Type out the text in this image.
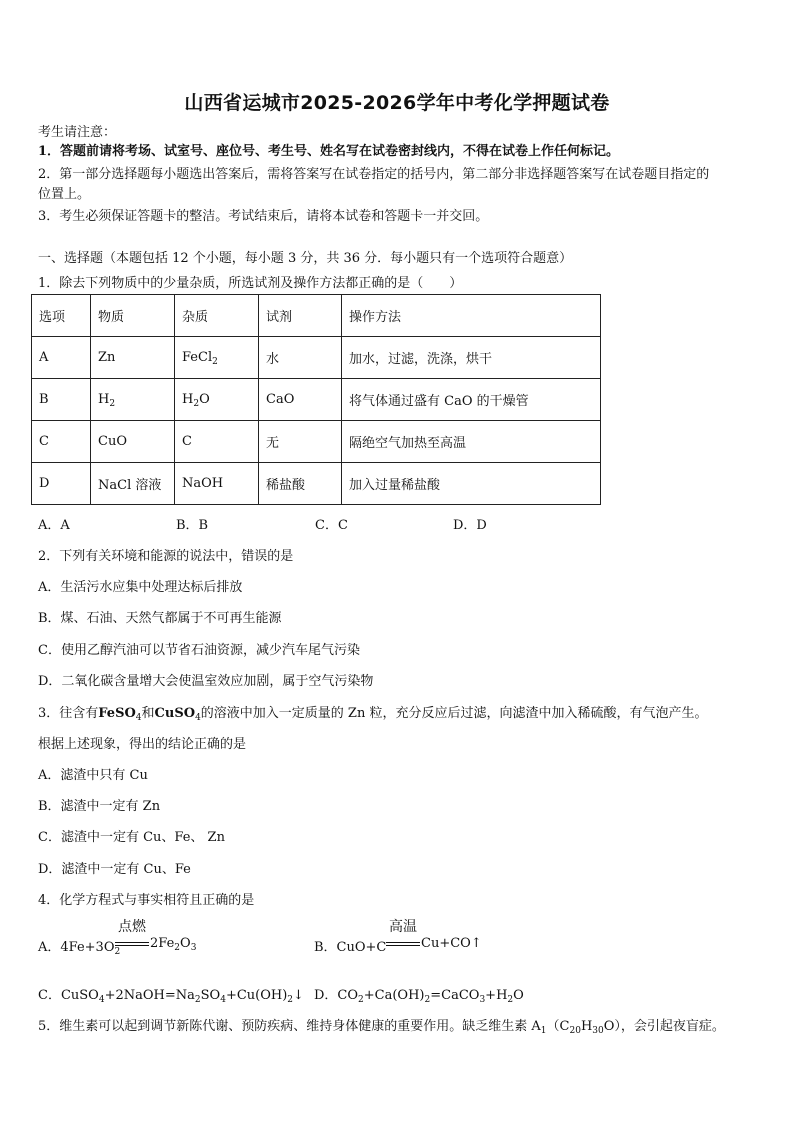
山西省运城市2025-2026学年中考化学押题试卷
考生请注意：
1．答题前请将考场、试室号、座位号、考生号、姓名写在试卷密封线内，不得在试卷上作任何标记。
2．第一部分选择题每小题选出答案后，需将答案写在试卷指定的括号内，第二部分非选择题答案写在试卷题目指定的
位置上。
3．考生必须保证答题卡的整洁。考试结束后，请将本试卷和答题卡一并交回。
一、选择题（本题包括 12 个小题，每小题 3 分，共 36 分．每小题只有一个选项符合题意）
1．除去下列物质中的少量杂质，所选试剂及操作方法都正确的是（　　）
选项	物质	杂质	试剂	操作方法
A	Zn	FeCl$_2$	水	加水，过滤，洗涤，烘干
B	$H_2$	$H_2O$	CaO	将气体通过盛有 CaO 的干燥管
C	CuO	C	无	隔绝空气加热至高温
D	NaCl 溶液	NaOH	稀盐酸	加入过量稀盐酸
A．A	B．B	C．C	D．D
2．下列有关环境和能源的说法中，错误的是
A．生活污水应集中处理达标后排放
B．煤、石油、天然气都属于不可再生能源
C．使用乙醇汽油可以节省石油资源，减少汽车尾气污染
D．二氧化碳含量增大会使温室效应加剧，属于空气污染物
3．往含有FeSO$_4$和CuSO$_4$的溶液中加入一定质量的 Zn 粒，充分反应后过滤，向滤渣中加入稀硫酸，有气泡产生。
根据上述现象，得出的结论正确的是
A．滤渣中只有 Cu
B．滤渣中一定有 Zn
C．滤渣中一定有 Cu、Fe、 Zn
D．滤渣中一定有 Cu、Fe
4．化学方程式与事实相符且正确的是
A．$4Fe+3O_2$
点燃
$2Fe_2O_3$	B．CuO+C
高温
Cu+CO↑
C．$CuSO_4+2NaOH=Na_2SO_4+Cu(OH)_2↓$ D．$CO_2+Ca(OH)_2=CaCO_3+H_2O$
5．维生素可以起到调节新陈代谢、预防疾病、维持身体健康的重要作用。缺乏维生素 $A_1(C_{20}H_{30}O)$，会引起夜盲症。
